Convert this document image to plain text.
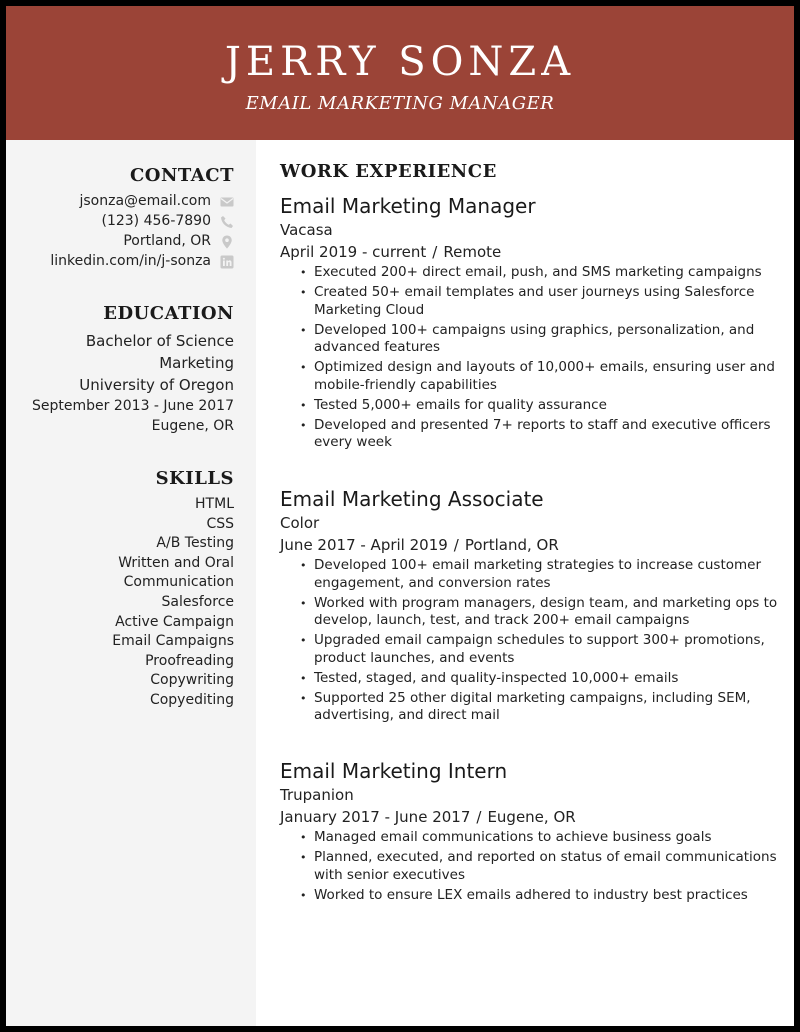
JERRY SONZA
EMAIL MARKETING MANAGER
CONTACT
jsonza@email.com
(123) 456-7890
Portland, OR
linkedin.com/in/j-sonza
EDUCATION
Bachelor of Science
Marketing
University of Oregon
September 2013 - June 2017
Eugene, OR
SKILLS
HTML
CSS
A/B Testing
Written and Oral
Communication
Salesforce
Active Campaign
Email Campaigns
Proofreading
Copywriting
Copyediting
WORK EXPERIENCE
Email Marketing Manager
Vacasa
April 2019 - current / Remote
• Executed 200+ direct email, push, and SMS marketing campaigns
• Created 50+ email templates and user journeys using Salesforce Marketing Cloud
• Developed 100+ campaigns using graphics, personalization, and advanced features
• Optimized design and layouts of 10,000+ emails, ensuring user and mobile-friendly capabilities
• Tested 5,000+ emails for quality assurance
• Developed and presented 7+ reports to staff and executive officers every week
Email Marketing Associate
Color
June 2017 - April 2019 / Portland, OR
• Developed 100+ email marketing strategies to increase customer engagement, and conversion rates
• Worked with program managers, design team, and marketing ops to develop, launch, test, and track 200+ email campaigns
• Upgraded email campaign schedules to support 300+ promotions, product launches, and events
• Tested, staged, and quality-inspected 10,000+ emails
• Supported 25 other digital marketing campaigns, including SEM, advertising, and direct mail
Email Marketing Intern
Trupanion
January 2017 - June 2017 / Eugene, OR
• Managed email communications to achieve business goals
• Planned, executed, and reported on status of email communications with senior executives
• Worked to ensure LEX emails adhered to industry best practices
